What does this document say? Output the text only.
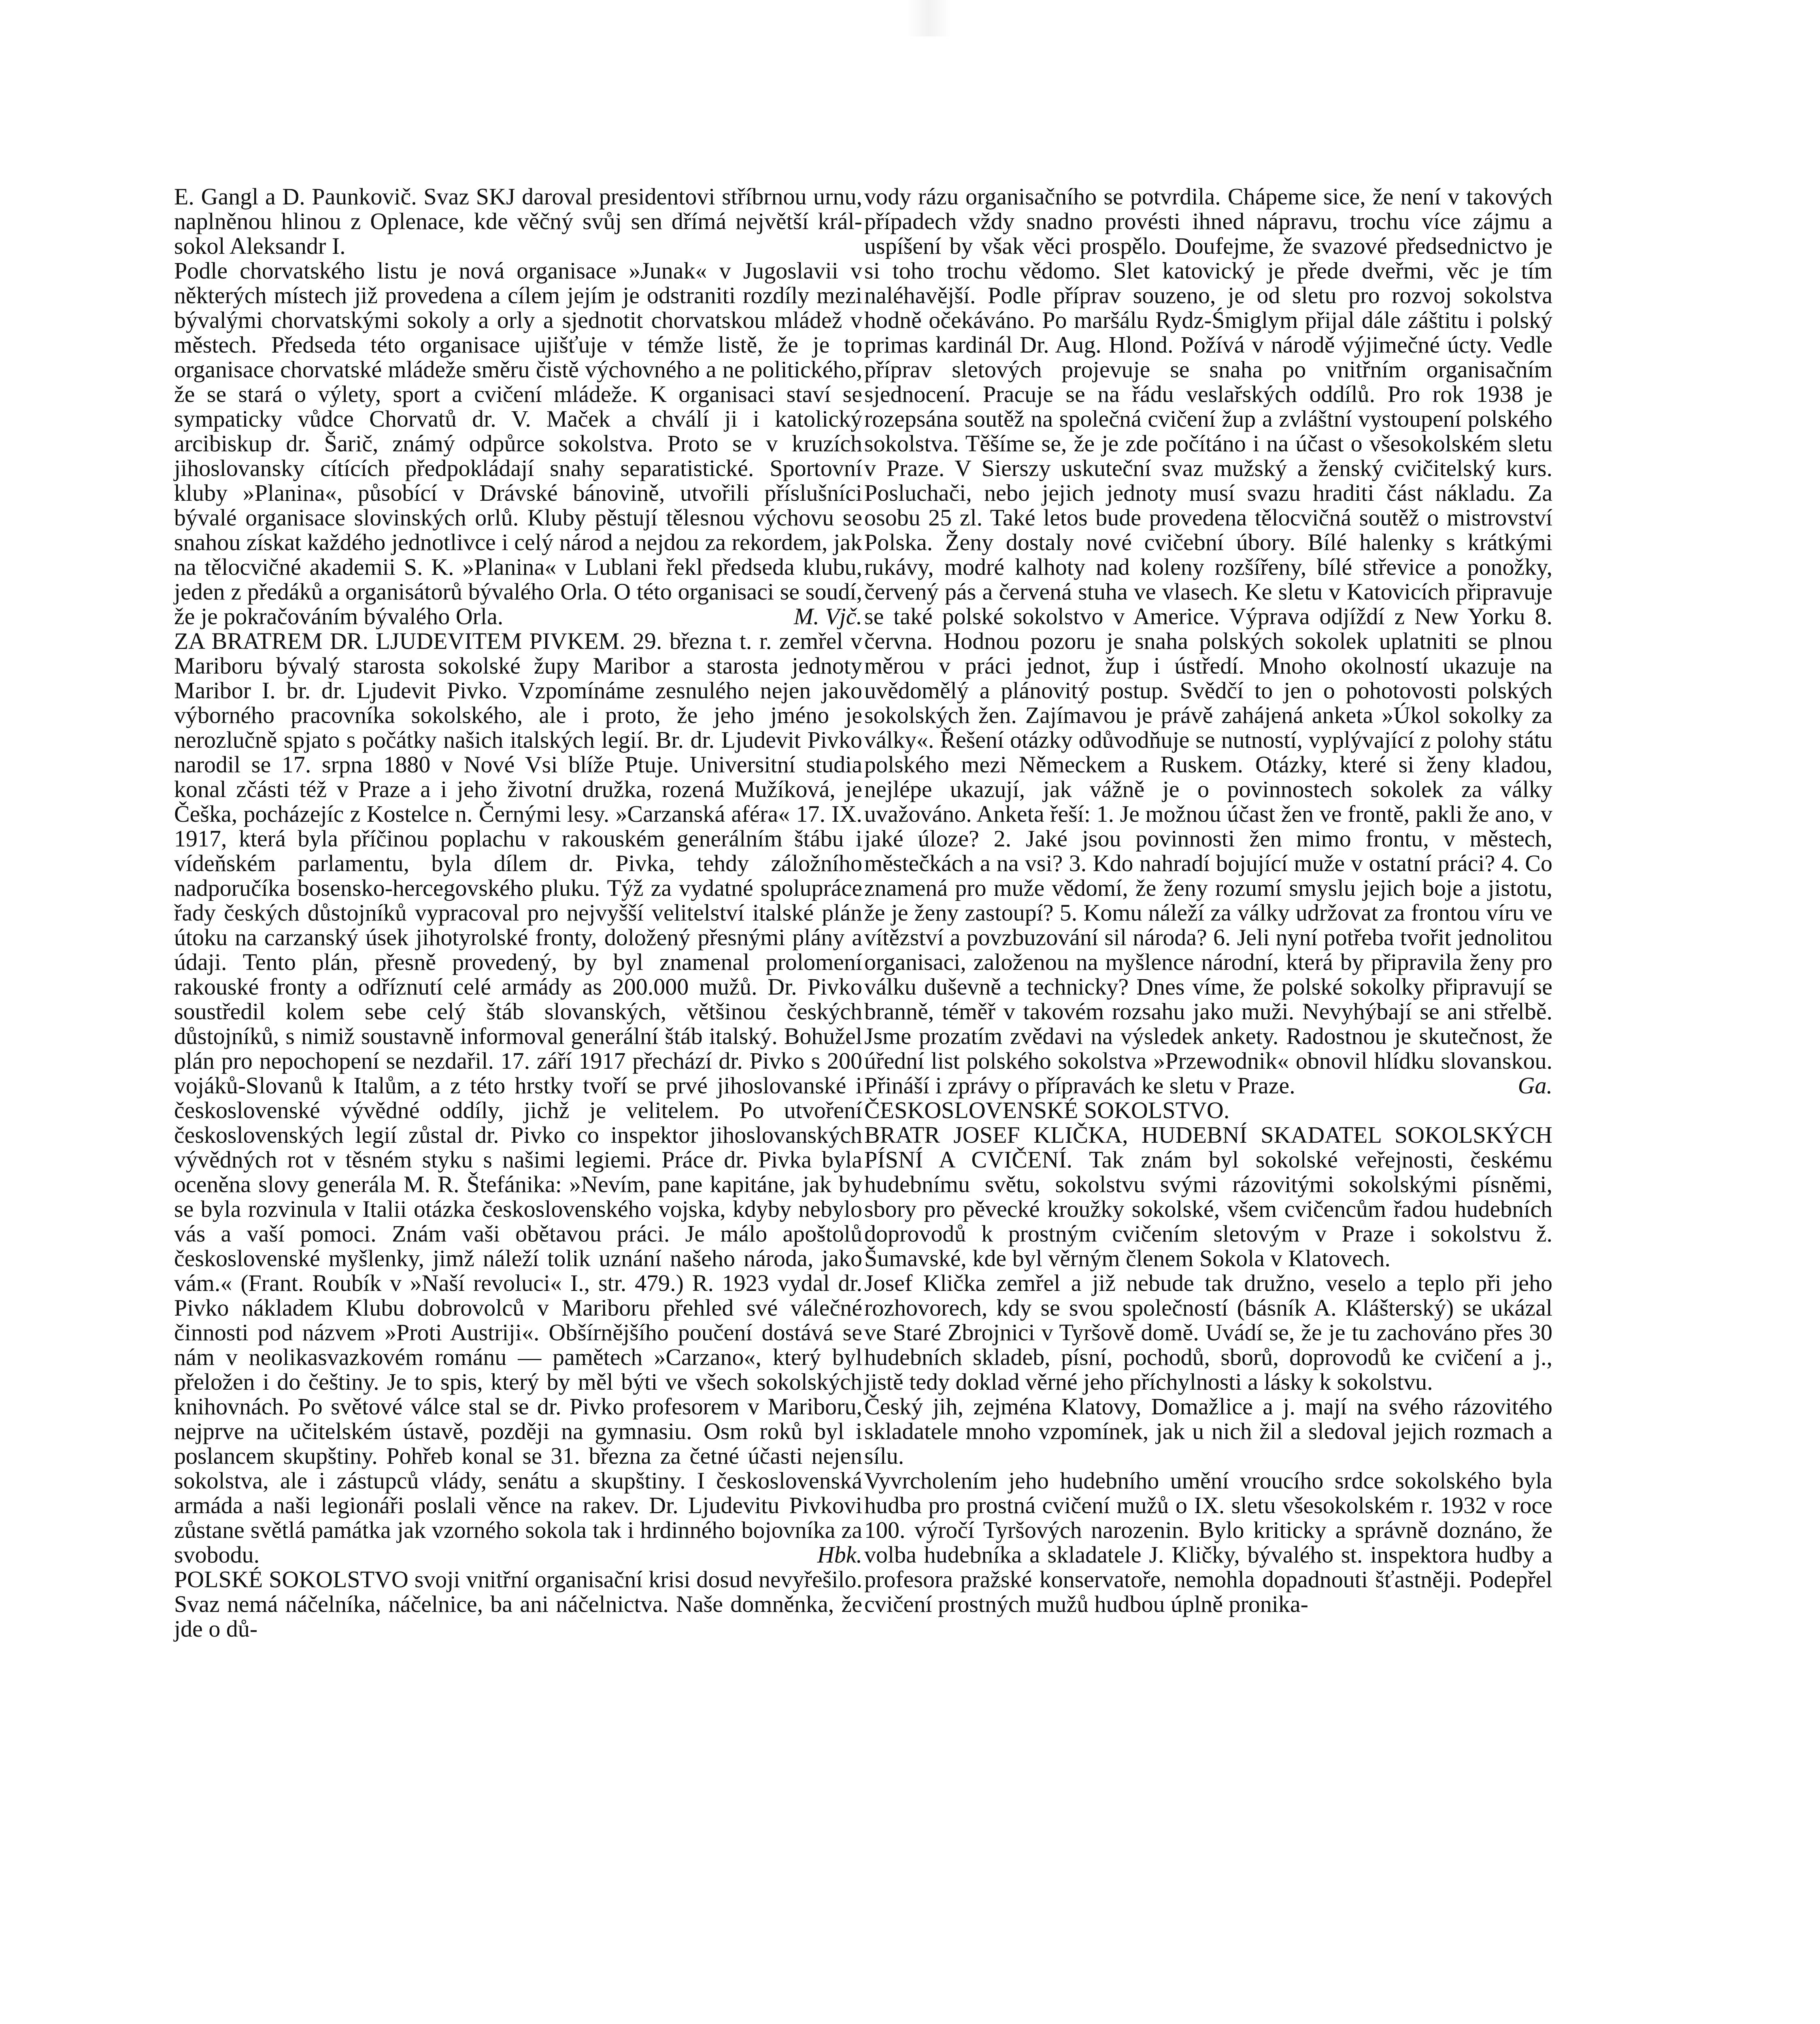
E. Gangl a D. Paunkovič. Svaz SKJ daroval presidentovi stříbrnou urnu, naplněnou hlinou z Oplenace, kde věčný svůj sen dřímá největší král-sokol Aleksandr I.

Podle chorvatského listu je nová organisace »Junak« v Jugoslavii v některých místech již provedena a cílem jejím je odstraniti rozdíly mezi bývalými chorvatskými sokoly a orly a sjednotit chorvatskou mládež v městech. Předseda této organisace ujišťuje v témže listě, že je to organisace chorvatské mládeže směru čistě výchovného a ne politického, že se stará o výlety, sport a cvičení mládeže. K organisaci staví se sympaticky vůdce Chorvatů dr. V. Maček a chválí ji i katolický arcibiskup dr. Šarič, známý odpůrce sokolstva. Proto se v kruzích jihoslovansky cítících předpokládají snahy separatistické. Sportovní kluby »Planina«, působící v Drávské bánovině, utvořili příslušníci bývalé organisace slovinských orlů. Kluby pěstují tělesnou výchovu se snahou získat každého jednotlivce i celý národ a nejdou za rekordem, jak na tělocvičné akademii S. K. »Planina« v Lublani řekl předseda klubu, jeden z předáků a organisátorů bývalého Orla. O této organisaci se soudí, že je pokračováním bývalého Orla.	M. Vjč.

ZA BRATREM DR. LJUDEVITEM PIVKEM. 29. března t. r. zemřel v Mariboru bývalý starosta sokolské župy Maribor a starosta jednoty Maribor I. br. dr. Ljudevit Pivko. Vzpomínáme zesnulého nejen jako výborného pracovníka sokolského, ale i proto, že jeho jméno je nerozlučně spjato s počátky našich italských legií. Br. dr. Ljudevit Pivko narodil se 17. srpna 1880 v Nové Vsi blíže Ptuje. Universitní studia konal zčásti též v Praze a i jeho životní družka, rozená Mužíková, je Češka, pocházejíc z Kostelce n. Černými lesy. »Carzanská aféra« 17. IX. 1917, která byla příčinou poplachu v rakouském generálním štábu i vídeňském parlamentu, byla dílem dr. Pivka, tehdy záložního nadporučíka bosensko-hercegovského pluku. Týž za vydatné spolupráce řady českých důstojníků vypracoval pro nejvyšší velitelství italské plán útoku na carzanský úsek jihotyrolské fronty, doložený přesnými plány a údaji. Tento plán, přesně provedený, by byl znamenal prolomení rakouské fronty a odříznutí celé armády as 200.000 mužů. Dr. Pivko soustředil kolem sebe celý štáb slovanských, většinou českých důstojníků, s nimiž soustavně informoval generální štáb italský. Bohužel plán pro nepochopení se nezdařil. 17. září 1917 přechází dr. Pivko s 200 vojáků-Slovanů k Italům, a z této hrstky tvoří se prvé jihoslovanské i československé vývědné oddíly, jichž je velitelem. Po utvoření československých legií zůstal dr. Pivko co inspektor jihoslovanských vývědných rot v těsném styku s našimi legiemi. Práce dr. Pivka byla oceněna slovy generála M. R. Štefánika: »Nevím, pane kapitáne, jak by se byla rozvinula v Italii otázka československého vojska, kdyby nebylo vás a vaší pomoci. Znám vaši obětavou práci. Je málo apoštolů československé myšlenky, jimž náleží tolik uznání našeho národa, jako vám.« (Frant. Roubík v »Naší revoluci« I., str. 479.) R. 1923 vydal dr. Pivko nákladem Klubu dobrovolců v Mariboru přehled své válečné činnosti pod názvem »Proti Austriji«. Obšírnějšího poučení dostává se nám v neolikasvazkovém románu — pamětech »Carzano«, který byl přeložen i do češtiny. Je to spis, který by měl býti ve všech sokolských knihovnách. Po světové válce stal se dr. Pivko profesorem v Mariboru, nejprve na učitelském ústavě, později na gymnasiu. Osm roků byl i poslancem skupštiny. Pohřeb konal se 31. března za četné účasti nejen sokolstva, ale i zástupců vlády, senátu a skupštiny. I československá armáda a naši legionáři poslali věnce na rakev. Dr. Ljudevitu Pivkovi zůstane světlá památka jak vzorného sokola tak i hrdinného bojovníka za svobodu.	Hbk.

POLSKÉ SOKOLSTVO svoji vnitřní organisační krisi dosud nevyřešilo. Svaz nemá náčelníka, náčelnice, ba ani náčelnictva. Naše domněnka, že jde o dů-

vody rázu organisačního se potvrdila. Chápeme sice, že není v takových případech vždy snadno provésti ihned nápravu, trochu více zájmu a uspíšení by však věci prospělo. Doufejme, že svazové předsednictvo je si toho trochu vědomo. Slet katovický je přede dveřmi, věc je tím naléhavější. Podle příprav souzeno, je od sletu pro rozvoj sokolstva hodně očekáváno. Po maršálu Rydz-Śmiglym přijal dále záštitu i polský primas kardinál Dr. Aug. Hlond. Požívá v národě výjimečné úcty. Vedle příprav sletových projevuje se snaha po vnitřním organisačním sjednocení. Pracuje se na řádu veslařských oddílů. Pro rok 1938 je rozepsána soutěž na společná cvičení žup a zvláštní vystoupení polského sokolstva. Těšíme se, že je zde počítáno i na účast o všesokolském sletu v Praze. V Sierszy uskuteční svaz mužský a ženský cvičitelský kurs. Posluchači, nebo jejich jednoty musí svazu hraditi část nákladu. Za osobu 25 zl. Také letos bude provedena tělocvičná soutěž o mistrovství Polska. Ženy dostaly nové cvičební úbory. Bílé halenky s krátkými rukávy, modré kalhoty nad koleny rozšířeny, bílé střevice a ponožky, červený pás a červená stuha ve vlasech. Ke sletu v Katovicích připravuje se také polské sokolstvo v Americe. Výprava odjíždí z New Yorku 8. června. Hodnou pozoru je snaha polských sokolek uplatniti se plnou měrou v práci jednot, žup i ústředí. Mnoho okolností ukazuje na uvědomělý a plánovitý postup. Svědčí to jen o pohotovosti polských sokolských žen. Zajímavou je právě zahájená anketa »Úkol sokolky za války«. Řešení otázky odůvodňuje se nutností, vyplývající z polohy státu polského mezi Německem a Ruskem. Otázky, které si ženy kladou, nejlépe ukazují, jak vážně je o povinnostech sokolek za války uvažováno. Anketa řeší: 1. Je možnou účast žen ve frontě, pakli že ano, v jaké úloze? 2. Jaké jsou povinnosti žen mimo frontu, v městech, městečkách a na vsi? 3. Kdo nahradí bojující muže v ostatní práci? 4. Co znamená pro muže vědomí, že ženy rozumí smyslu jejich boje a jistotu, že je ženy zastoupí? 5. Komu náleží za války udržovat za frontou víru ve vítězství a povzbuzování sil národa? 6. Jeli nyní potřeba tvořit jednolitou organisaci, založenou na myšlence národní, která by připravila ženy pro válku duševně a technicky? Dnes víme, že polské sokolky připravují se branně, téměř v takovém rozsahu jako muži. Nevyhýbají se ani střelbě. Jsme prozatím zvědavi na výsledek ankety. Radostnou je skutečnost, že úřední list polského sokolstva »Przewodnik« obnovil hlídku slovanskou. Přináší i zprávy o přípravách ke sletu v Praze.	Ga.

ČESKOSLOVENSKÉ SOKOLSTVO.

BRATR JOSEF KLIČKA, HUDEBNÍ SKADATEL SOKOLSKÝCH PÍSNÍ A CVIČENÍ. Tak znám byl sokolské veřejnosti, českému hudebnímu světu, sokolstvu svými rázovitými sokolskými písněmi, sbory pro pěvecké kroužky sokolské, všem cvičencům řadou hudebních doprovodů k prostným cvičením sletovým v Praze i sokolstvu ž. Šumavské, kde byl věrným členem Sokola v Klatovech.

Josef Klička zemřel a již nebude tak družno, veselo a teplo při jeho rozhovorech, kdy se svou společností (básník A. Klášterský) se ukázal ve Staré Zbrojnici v Tyršově domě. Uvádí se, že je tu zachováno přes 30 hudebních skladeb, písní, pochodů, sborů, doprovodů ke cvičení a j., jistě tedy doklad věrné jeho příchylnosti a lásky k sokolstvu.

Český jih, zejména Klatovy, Domažlice a j. mají na svého rázovitého skladatele mnoho vzpomínek, jak u nich žil a sledoval jejich rozmach a sílu.

Vyvrcholením jeho hudebního umění vroucího srdce sokolského byla hudba pro prostná cvičení mužů o IX. sletu všesokolském r. 1932 v roce 100. výročí Tyršových narozenin. Bylo kriticky a správně doznáno, že volba hudebníka a skladatele J. Kličky, bývalého st. inspektora hudby a profesora pražské konservatoře, nemohla dopadnouti šťastněji. Podepřel cvičení prostných mužů hudbou úplně pronika-
